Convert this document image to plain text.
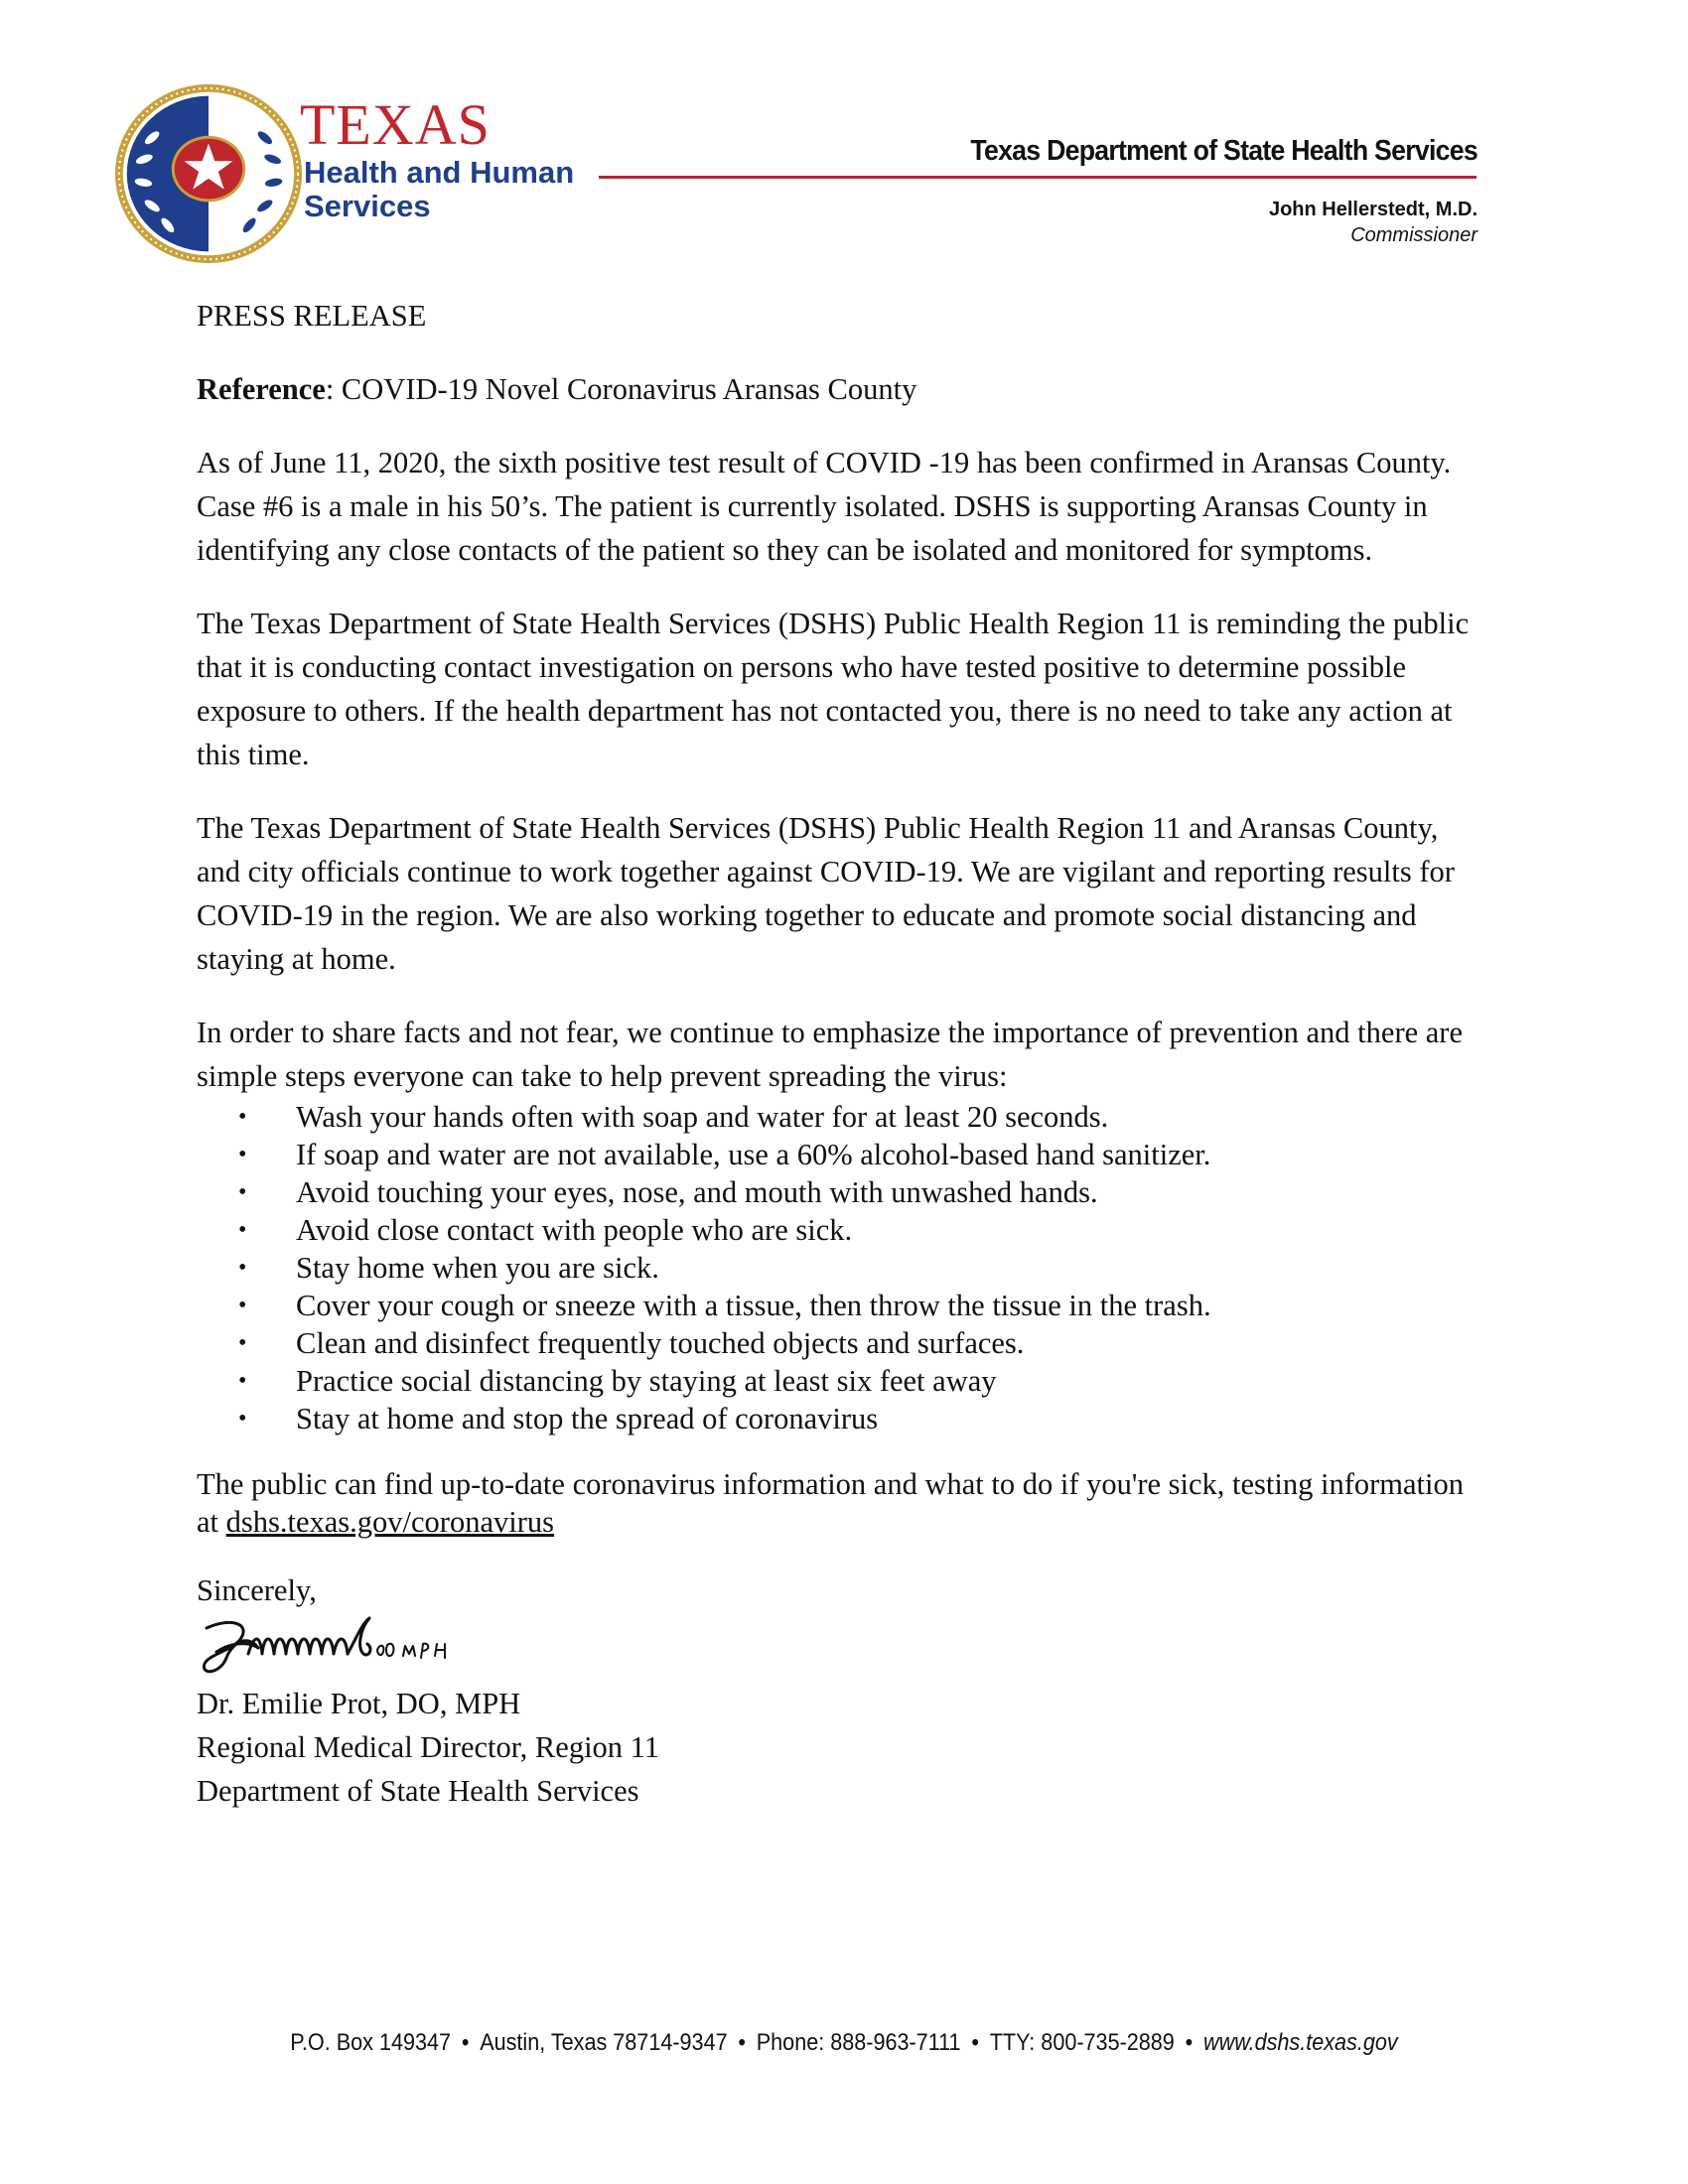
TEXAS
Health and Human
Services
Texas Department of State Health Services
John Hellerstedt, M.D.
Commissioner

PRESS RELEASE

Reference: COVID-19 Novel Coronavirus Aransas County

As of June 11, 2020, the sixth positive test result of COVID -19 has been confirmed in Aransas County. Case #6 is a male in his 50’s. The patient is currently isolated. DSHS is supporting Aransas County in identifying any close contacts of the patient so they can be isolated and monitored for symptoms.

The Texas Department of State Health Services (DSHS) Public Health Region 11 is reminding the public that it is conducting contact investigation on persons who have tested positive to determine possible exposure to others. If the health department has not contacted you, there is no need to take any action at this time.

The Texas Department of State Health Services (DSHS) Public Health Region 11 and Aransas County, and city officials continue to work together against COVID-19. We are vigilant and reporting results for COVID-19 in the region. We are also working together to educate and promote social distancing and staying at home.

In order to share facts and not fear, we continue to emphasize the importance of prevention and there are simple steps everyone can take to help prevent spreading the virus:

• Wash your hands often with soap and water for at least 20 seconds.
• If soap and water are not available, use a 60% alcohol-based hand sanitizer.
• Avoid touching your eyes, nose, and mouth with unwashed hands.
• Avoid close contact with people who are sick.
• Stay home when you are sick.
• Cover your cough or sneeze with a tissue, then throw the tissue in the trash.
• Clean and disinfect frequently touched objects and surfaces.
• Practice social distancing by staying at least six feet away
• Stay at home and stop the spread of coronavirus

The public can find up-to-date coronavirus information and what to do if you're sick, testing information at dshs.texas.gov/coronavirus

Sincerely,

Dr. Emilie Prot, DO, MPH

Regional Medical Director, Region 11

Department of State Health Services

P.O. Box 149347 • Austin, Texas 78714-9347 • Phone: 888-963-7111 • TTY: 800-735-2889 • www.dshs.texas.gov
